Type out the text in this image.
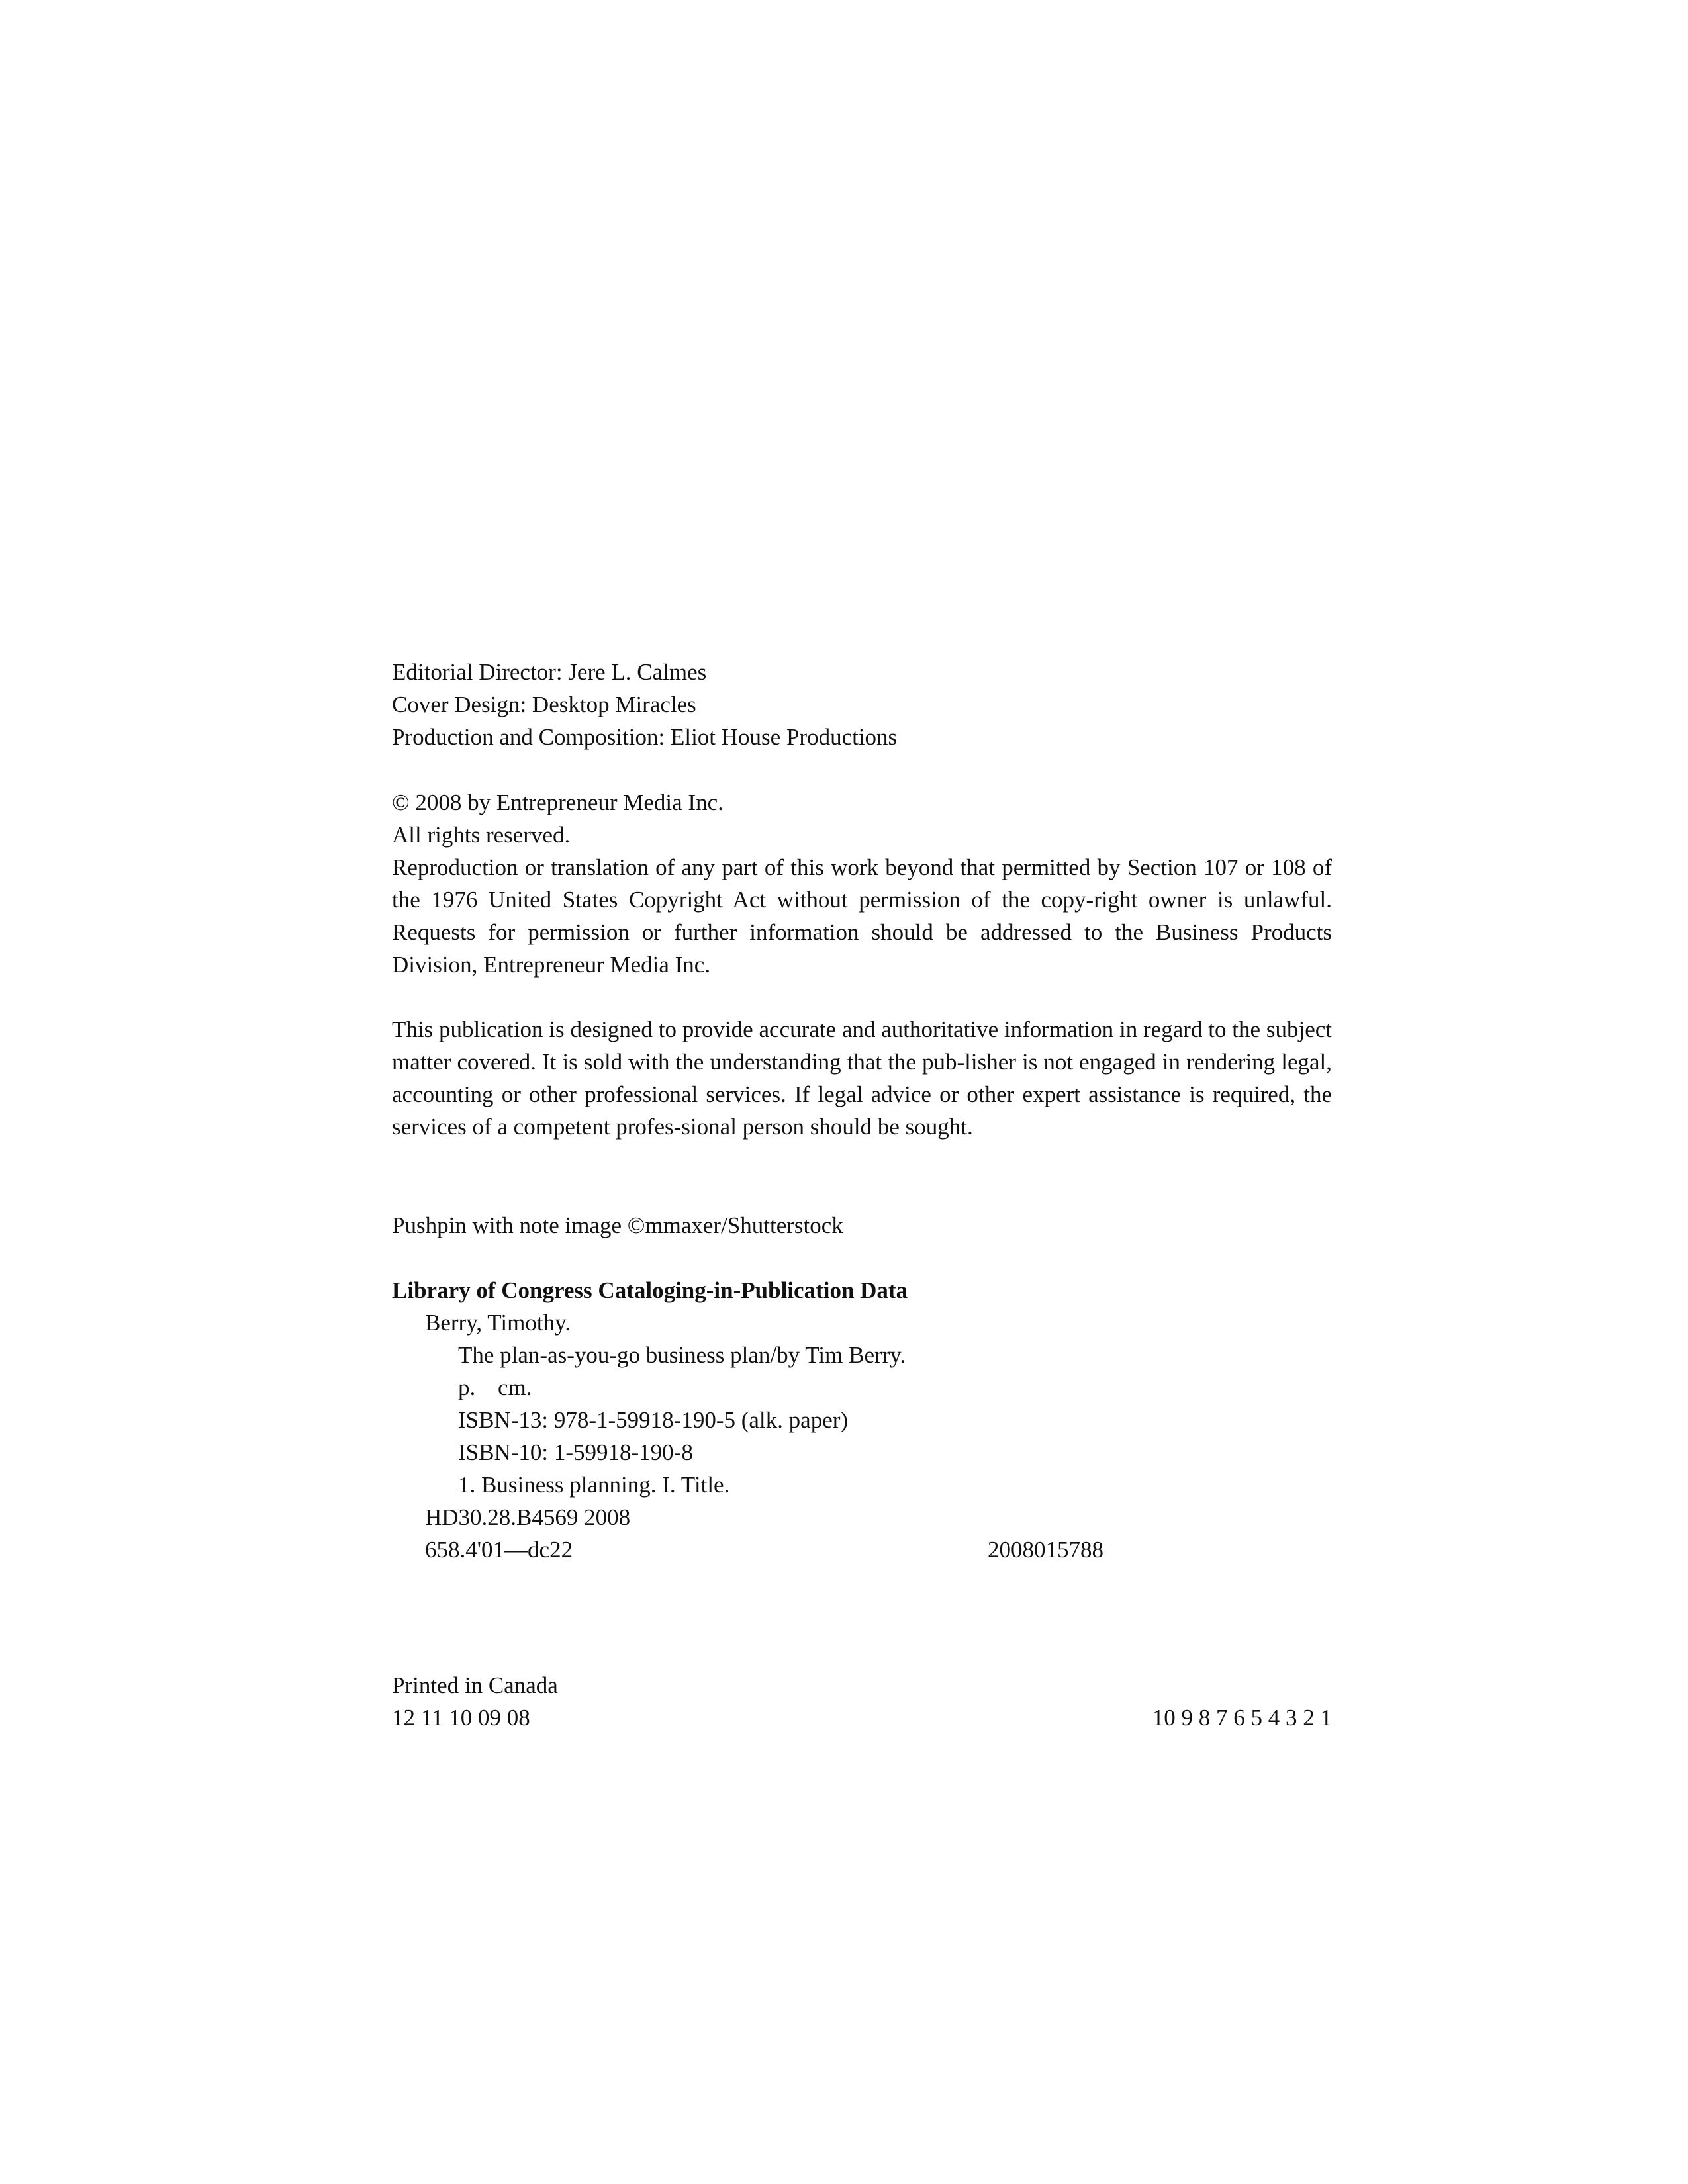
Editorial Director: Jere L. Calmes
Cover Design: Desktop Miracles
Production and Composition: Eliot House Productions
© 2008 by Entrepreneur Media Inc.
All rights reserved.
Reproduction or translation of any part of this work beyond that permitted by Section 107 or 108 of the 1976 United States Copyright Act without permission of the copy-right owner is unlawful. Requests for permission or further information should be addressed to the Business Products Division, Entrepreneur Media Inc.
This publication is designed to provide accurate and authoritative information in regard to the subject matter covered. It is sold with the understanding that the pub-lisher is not engaged in rendering legal, accounting or other professional services. If legal advice or other expert assistance is required, the services of a competent profes-sional person should be sought.
Pushpin with note image ©mmaxer/Shutterstock
Library of Congress Cataloging-in-Publication Data
Berry, Timothy.
The plan-as-you-go business plan/by Tim Berry.
p. cm.
ISBN-13: 978-1-59918-190-5 (alk. paper)
ISBN-10: 1-59918-190-8
1. Business planning. I. Title.
HD30.28.B4569 2008
658.4'01—dc22	2008015788
Printed in Canada
12 11 10 09 08	10 9 8 7 6 5 4 3 2 1
